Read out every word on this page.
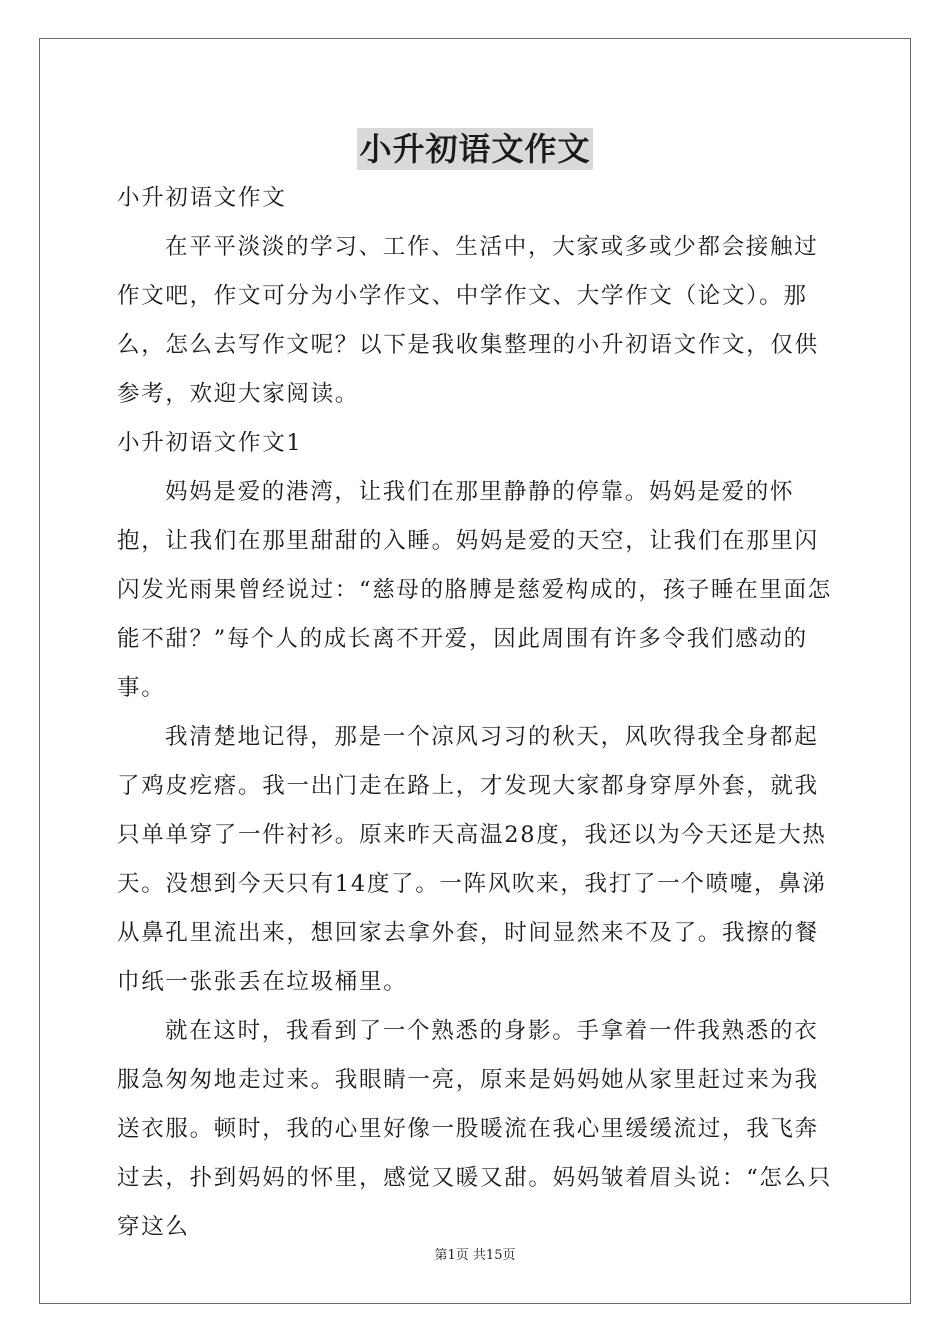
小升初语文作文

小升初语文作文

在平平淡淡的学习、工作、生活中，大家或多或少都会接触过作文吧，作文可分为小学作文、中学作文、大学作文（论文）。那么，怎么去写作文呢？以下是我收集整理的小升初语文作文，仅供参考，欢迎大家阅读。

小升初语文作文1

妈妈是爱的港湾，让我们在那里静静的停靠。妈妈是爱的怀抱，让我们在那里甜甜的入睡。妈妈是爱的天空，让我们在那里闪闪发光雨果曾经说过：“慈母的胳膊是慈爱构成的，孩子睡在里面怎能不甜？”每个人的成长离不开爱，因此周围有许多令我们感动的事。

我清楚地记得，那是一个凉风习习的秋天，风吹得我全身都起了鸡皮疙瘩。我一出门走在路上，才发现大家都身穿厚外套，就我只单单穿了一件衬衫。原来昨天高温28度，我还以为今天还是大热天。没想到今天只有14度了。一阵风吹来，我打了一个喷嚏，鼻涕从鼻孔里流出来，想回家去拿外套，时间显然来不及了。我擦的餐巾纸一张张丢在垃圾桶里。

就在这时，我看到了一个熟悉的身影。手拿着一件我熟悉的衣服急匆匆地走过来。我眼睛一亮，原来是妈妈她从家里赶过来为我送衣服。顿时，我的心里好像一股暖流在我心里缓缓流过，我飞奔过去，扑到妈妈的怀里，感觉又暖又甜。妈妈皱着眉头说：“怎么只穿这么

第1页 共15页
